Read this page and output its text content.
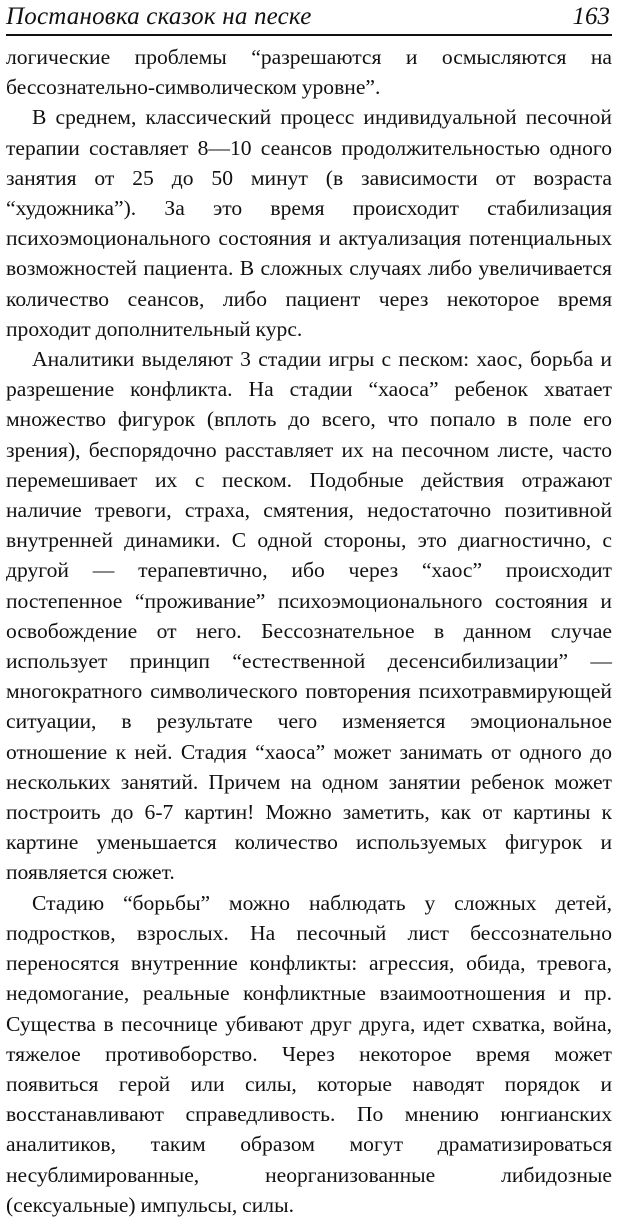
Постановка сказок на песке	163

логические проблемы “разрешаются и осмысляются на бессознательно-символическом уровне”.

В среднем, классический процесс индивидуальной песочной терапии составляет 8—10 сеансов продолжительностью одного занятия от 25 до 50 минут (в зависимости от возраста “художника”). За это время происходит стабилизация психоэмоционального состояния и актуализация потенциальных возможностей пациента. В сложных случаях либо увеличивается количество сеансов, либо пациент через некоторое время проходит дополнительный курс.

Аналитики выделяют 3 стадии игры с песком: хаос, борьба и разрешение конфликта. На стадии “хаоса” ребенок хватает множество фигурок (вплоть до всего, что попало в поле его зрения), беспорядочно расставляет их на песочном листе, часто перемешивает их с песком. Подобные действия отражают наличие тревоги, страха, смятения, недостаточно позитивной внутренней динамики. С одной стороны, это диагностично, с другой — терапевтично, ибо через “хаос” происходит постепенное “проживание” психоэмоционального состояния и освобождение от него. Бессознательное в данном случае использует принцип “естественной десенсибилизации” — многократного символического повторения психотравмирующей ситуации, в результате чего изменяется эмоциональное отношение к ней. Стадия “хаоса” может занимать от одного до нескольких занятий. Причем на одном занятии ребенок может построить до 6-7 картин! Можно заметить, как от картины к картине уменьшается количество используемых фигурок и появляется сюжет.

Стадию “борьбы” можно наблюдать у сложных детей, подростков, взрослых. На песочный лист бессознательно переносятся внутренние конфликты: агрессия, обида, тревога, недомогание, реальные конфликтные взаимоотношения и пр. Существа в песочнице убивают друг друга, идет схватка, война, тяжелое противоборство. Через некоторое время может появиться герой или силы, которые наводят порядок и восстанавливают справедливость. По мнению юнгианских аналитиков, таким образом могут драматизироваться несублимированные, неорганизованные либидозные (сексуальные) импульсы, силы.
